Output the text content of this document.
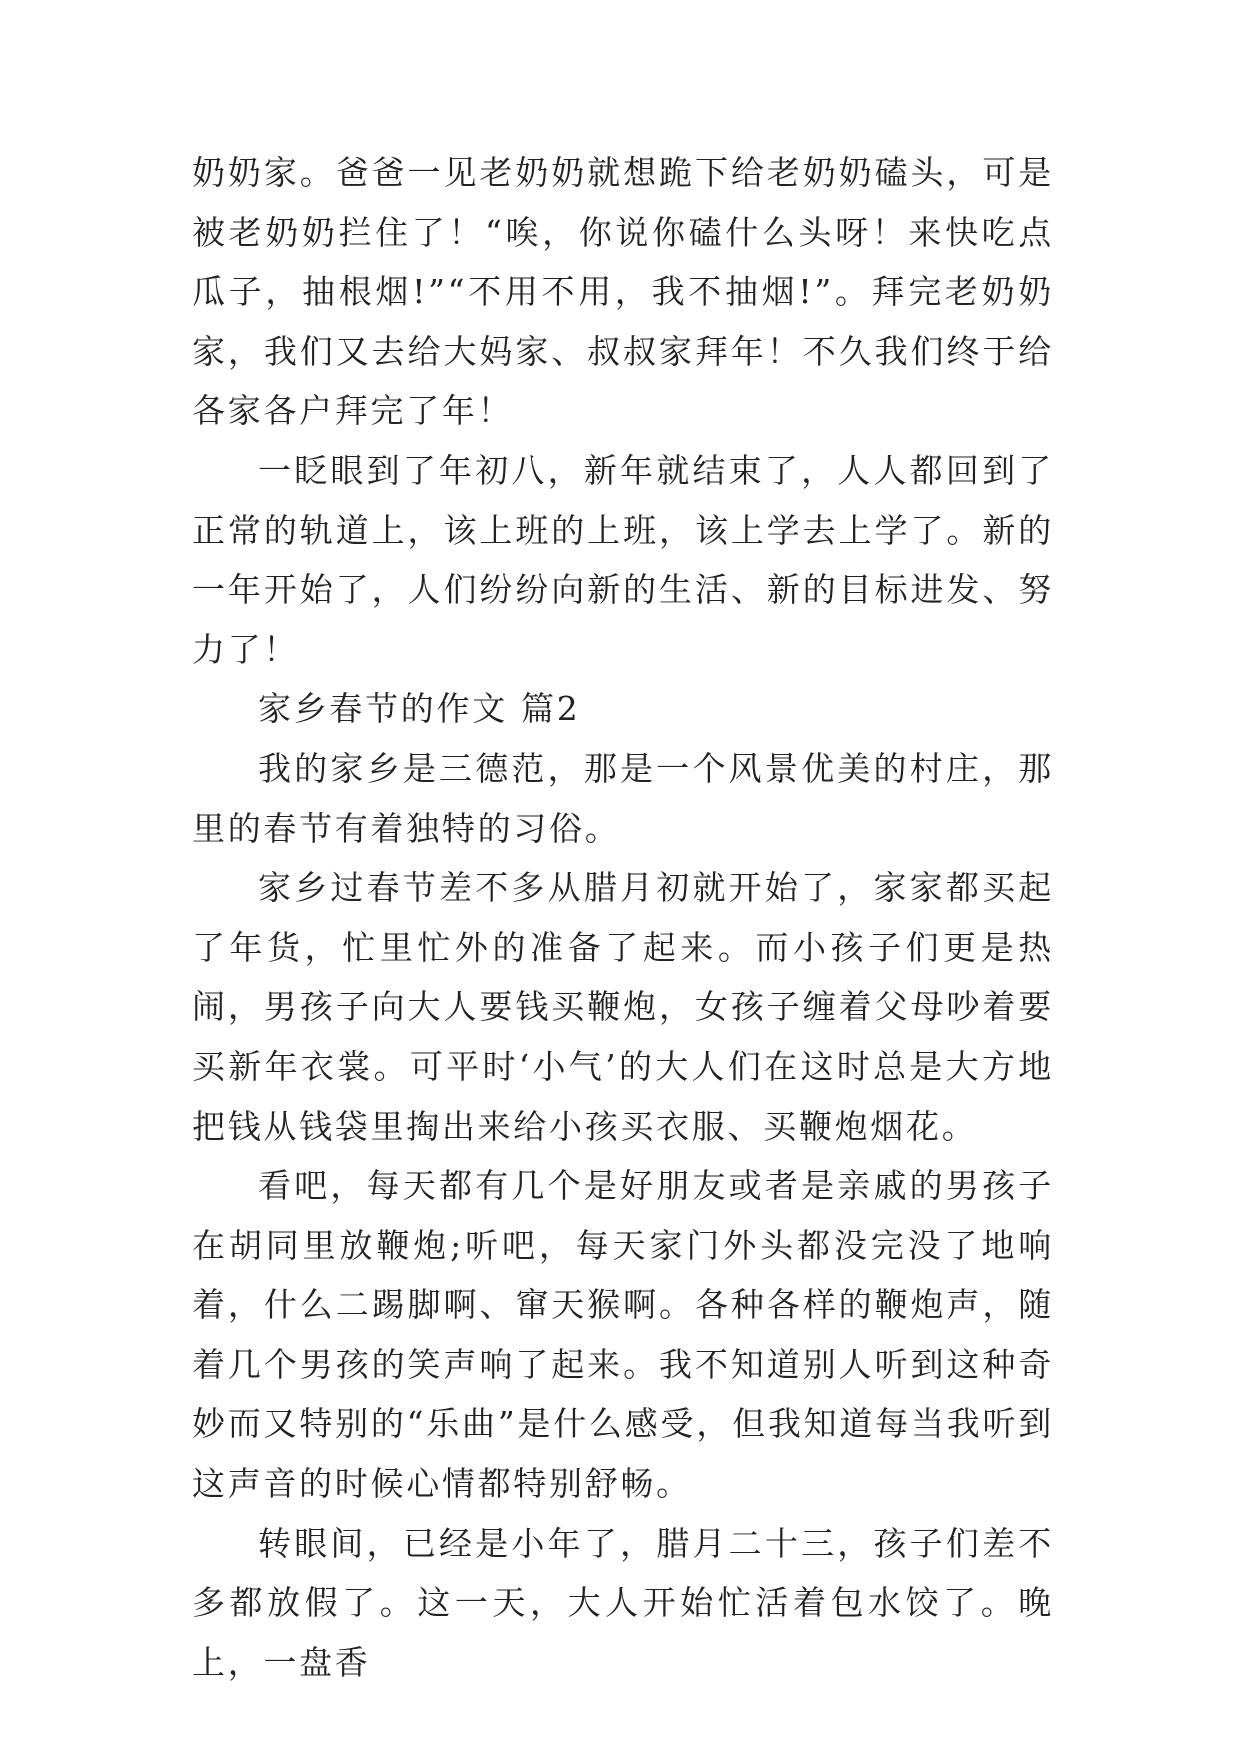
奶奶家。爸爸一见老奶奶就想跪下给老奶奶磕头，可是被老奶奶拦住了！“唉，你说你磕什么头呀！来快吃点瓜子，抽根烟!”“不用不用，我不抽烟!”。拜完老奶奶家，我们又去给大妈家、叔叔家拜年！不久我们终于给各家各户拜完了年！

一眨眼到了年初八，新年就结束了，人人都回到了正常的轨道上，该上班的上班，该上学去上学了。新的一年开始了，人们纷纷向新的生活、新的目标进发、努力了！

家乡春节的作文 篇2

我的家乡是三德范，那是一个风景优美的村庄，那里的春节有着独特的习俗。

家乡过春节差不多从腊月初就开始了，家家都买起了年货，忙里忙外的准备了起来。而小孩子们更是热闹，男孩子向大人要钱买鞭炮，女孩子缠着父母吵着要买新年衣裳。可平时‘小气’的大人们在这时总是大方地把钱从钱袋里掏出来给小孩买衣服、买鞭炮烟花。

看吧，每天都有几个是好朋友或者是亲戚的男孩子在胡同里放鞭炮;听吧，每天家门外头都没完没了地响着，什么二踢脚啊、窜天猴啊。各种各样的鞭炮声，随着几个男孩的笑声响了起来。我不知道别人听到这种奇妙而又特别的“乐曲”是什么感受，但我知道每当我听到这声音的时候心情都特别舒畅。

转眼间，已经是小年了，腊月二十三，孩子们差不多都放假了。这一天，大人开始忙活着包水饺了。晚上，一盘香
